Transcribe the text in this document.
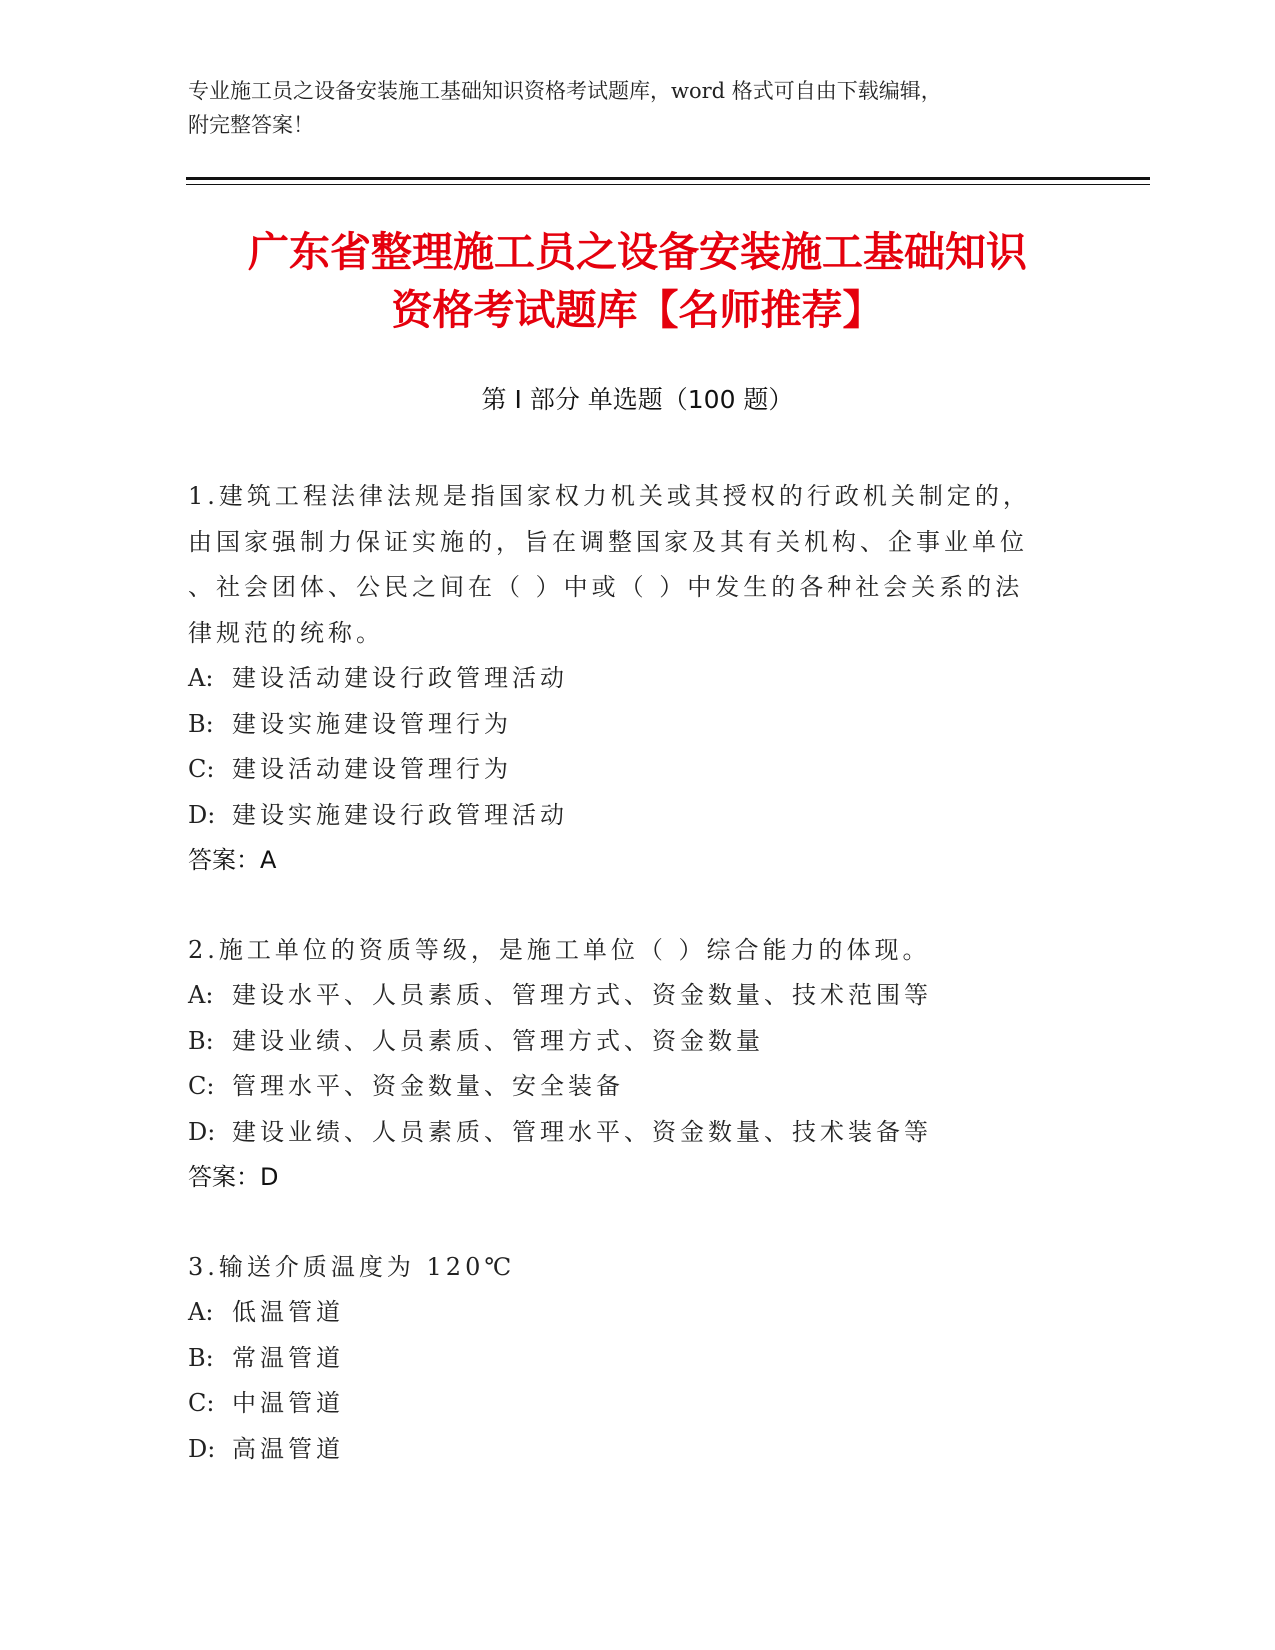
专业施工员之设备安装施工基础知识资格考试题库，word 格式可自由下载编辑，
附完整答案！
广东省整理施工员之设备安装施工基础知识
资格考试题库【名师推荐】
第 I 部分 单选题（100 题）
1.建筑工程法律法规是指国家权力机关或其授权的行政机关制定的，
由国家强制力保证实施的，旨在调整国家及其有关机构、企事业单位
、社会团体、公民之间在（ ）中或（ ）中发生的各种社会关系的法
律规范的统称。
A: 建设活动建设行政管理活动
B: 建设实施建设管理行为
C: 建设活动建设管理行为
D: 建设实施建设行政管理活动
答案：A
2.施工单位的资质等级，是施工单位（ ）综合能力的体现。
A: 建设水平、人员素质、管理方式、资金数量、技术范围等
B: 建设业绩、人员素质、管理方式、资金数量
C: 管理水平、资金数量、安全装备
D: 建设业绩、人员素质、管理水平、资金数量、技术装备等
答案：D
3.输送介质温度为 120℃
A: 低温管道
B: 常温管道
C: 中温管道
D: 高温管道
